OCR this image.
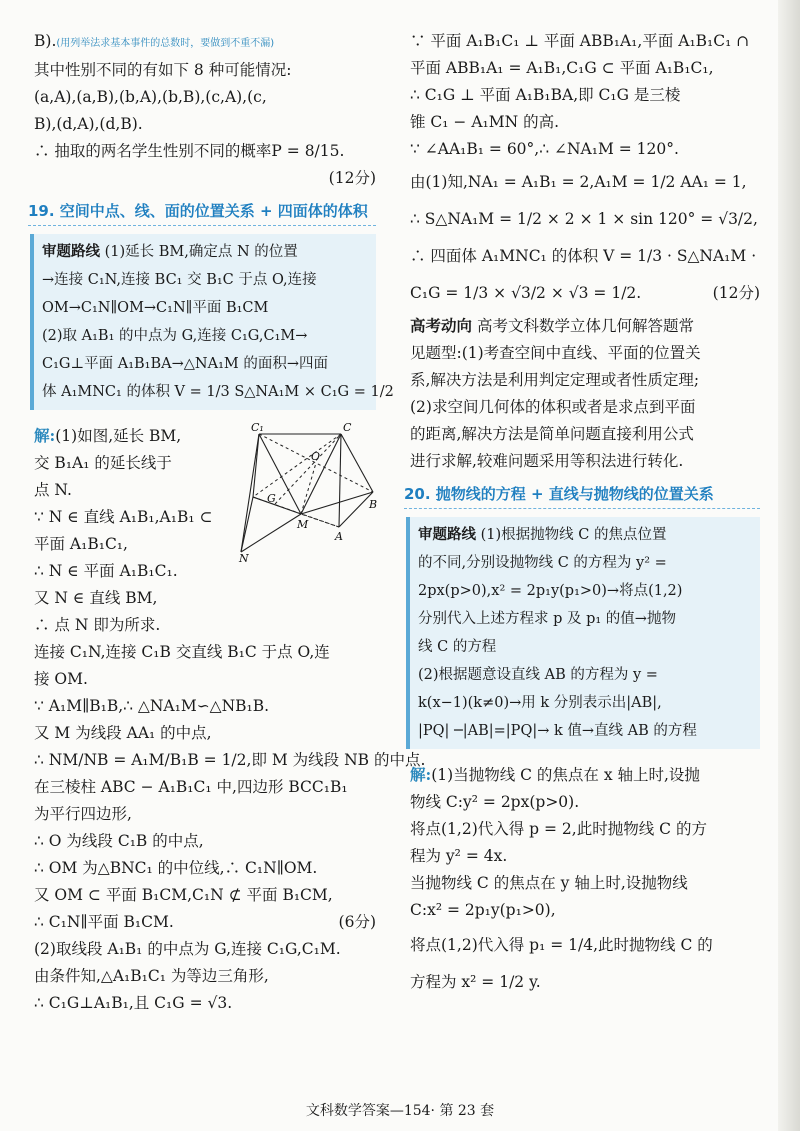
B).(用列举法求基本事件的总数时，要做到不重不漏)
其中性别不同的有如下 8 种可能情况:
(a,A),(a,B),(b,A),(b,B),(c,A),(c,
B),(d,A),(d,B).
∴ 抽取的两名学生性别不同的概率P = 8/15.
(12分)
19. 空间中点、线、面的位置关系 + 四面体的体积
审题路线 (1)延长 BM,确定点 N 的位置
→连接 C₁N,连接 BC₁ 交 B₁C 于点 O,连接
OM→C₁N∥OM→C₁N∥平面 B₁CM
(2)取 A₁B₁ 的中点为 G,连接 C₁G,C₁M→
C₁G⊥平面 A₁B₁BA→△NA₁M 的面积→四面
体 A₁MNC₁ 的体积 V = 1/3 S△NA₁M × C₁G = 1/2
C₁	C
O
B
G
M
A
N
解:(1)如图,延长 BM,
交 B₁A₁ 的延长线于
点 N.
∵ N ∈ 直线 A₁B₁,A₁B₁ ⊂
平面 A₁B₁C₁,
∴ N ∈ 平面 A₁B₁C₁.
又 N ∈ 直线 BM,
∴ 点 N 即为所求.
连接 C₁N,连接 C₁B 交直线 B₁C 于点 O,连
接 OM.
∵ A₁M∥B₁B,∴ △NA₁M∽△NB₁B.
又 M 为线段 AA₁ 的中点,
∴ NM/NB = A₁M/B₁B = 1/2,即 M 为线段 NB 的中点.
在三棱柱 ABC − A₁B₁C₁ 中,四边形 BCC₁B₁
为平行四边形,
∴ O 为线段 C₁B 的中点,
∴ OM 为△BNC₁ 的中位线,∴ C₁N∥OM.
又 OM ⊂ 平面 B₁CM,C₁N ⊄ 平面 B₁CM,
∴ C₁N∥平面 B₁CM.	(6分)
(2)取线段 A₁B₁ 的中点为 G,连接 C₁G,C₁M.
由条件知,△A₁B₁C₁ 为等边三角形,
∴ C₁G⊥A₁B₁,且 C₁G = √3.
∵ 平面 A₁B₁C₁ ⊥ 平面 ABB₁A₁,平面 A₁B₁C₁ ∩
平面 ABB₁A₁ = A₁B₁,C₁G ⊂ 平面 A₁B₁C₁,
∴ C₁G ⊥ 平面 A₁B₁BA,即 C₁G 是三棱
锥 C₁ − A₁MN 的高.
∵ ∠AA₁B₁ = 60°,∴ ∠NA₁M = 120°.
由(1)知,NA₁ = A₁B₁ = 2,A₁M = 1/2 AA₁ = 1,
∴ S△NA₁M = 1/2 × 2 × 1 × sin 120° = √3/2,
∴ 四面体 A₁MNC₁ 的体积 V = 1/3 · S△NA₁M ·
C₁G = 1/3 × √3/2 × √3 = 1/2.	(12分)
高考动向 高考文科数学立体几何解答题常
见题型:(1)考查空间中直线、平面的位置关
系,解决方法是利用判定定理或者性质定理;
(2)求空间几何体的体积或者是求点到平面
的距离,解决方法是简单问题直接利用公式
进行求解,较难问题采用等积法进行转化.
20. 抛物线的方程 + 直线与抛物线的位置关系
审题路线 (1)根据抛物线 C 的焦点位置
的不同,分别设抛物线 C 的方程为 y² =
2px(p>0),x² = 2p₁y(p₁>0)→将点(1,2)
分别代入上述方程求 p 及 p₁ 的值→抛物
线 C 的方程
(2)根据题意设直线 AB 的方程为 y =
k(x−1)(k≠0)→用 k 分别表示出|AB|,
|PQ| ─|AB|=|PQ|→ k 值→直线 AB 的方程
解:(1)当抛物线 C 的焦点在 x 轴上时,设抛
物线 C:y² = 2px(p>0).
将点(1,2)代入得 p = 2,此时抛物线 C 的方
程为 y² = 4x.
当抛物线 C 的焦点在 y 轴上时,设抛物线
C:x² = 2p₁y(p₁>0),
将点(1,2)代入得 p₁ = 1/4,此时抛物线 C 的
方程为 x² = 1/2 y.
文科数学答案—154· 第 23 套
